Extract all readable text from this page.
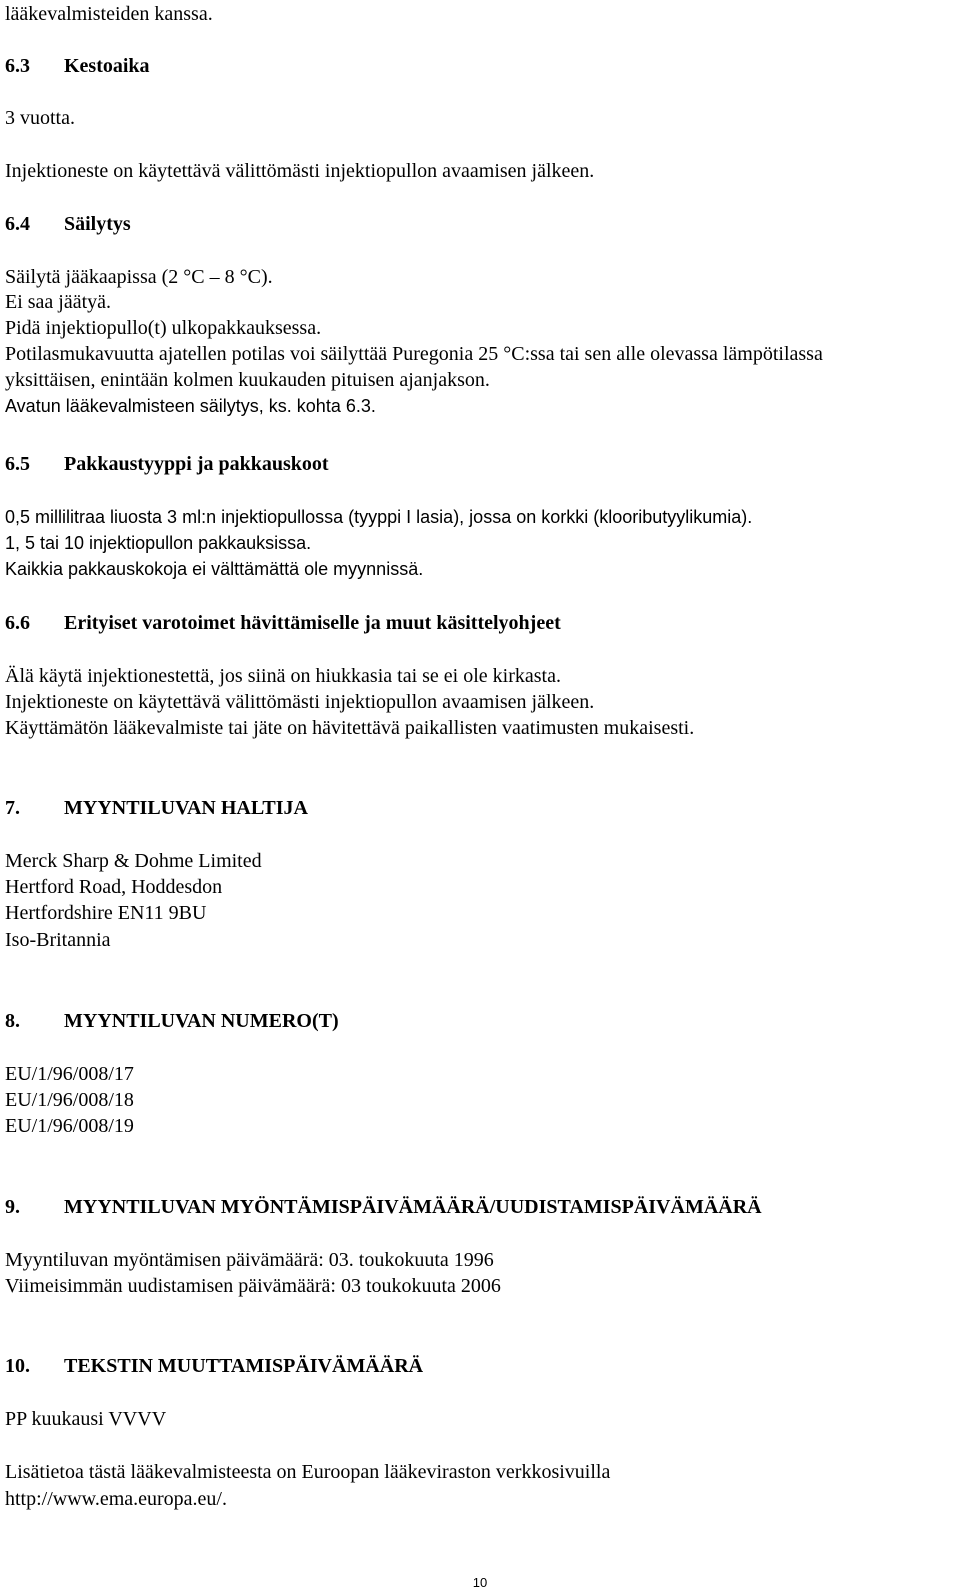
lääkevalmisteiden kanssa.
6.3 Kestoaika
3 vuotta.
Injektioneste on käytettävä välittömästi injektiopullon avaamisen jälkeen.
6.4 Säilytys
Säilytä jääkaapissa (2 °C – 8 °C).
Ei saa jäätyä.
Pidä injektiopullo(t) ulkopakkauksessa.
Potilasmukavuutta ajatellen potilas voi säilyttää Puregonia 25 °C:ssa tai sen alle olevassa lämpötilassa
yksittäisen, enintään kolmen kuukauden pituisen ajanjakson.
Avatun lääkevalmisteen säilytys, ks. kohta 6.3.
6.5 Pakkaustyyppi ja pakkauskoot
0,5 millilitraa liuosta 3 ml:n injektiopullossa (tyyppi I lasia), jossa on korkki (klooributyylikumia).
1, 5 tai 10 injektiopullon pakkauksissa.
Kaikkia pakkauskokoja ei välttämättä ole myynnissä.
6.6 Erityiset varotoimet hävittämiselle ja muut käsittelyohjeet
Älä käytä injektionestettä, jos siinä on hiukkasia tai se ei ole kirkasta.
Injektioneste on käytettävä välittömästi injektiopullon avaamisen jälkeen.
Käyttämätön lääkevalmiste tai jäte on hävitettävä paikallisten vaatimusten mukaisesti.
7. MYYNTILUVAN HALTIJA
Merck Sharp & Dohme Limited
Hertford Road, Hoddesdon
Hertfordshire EN11 9BU
Iso-Britannia
8. MYYNTILUVAN NUMERO(T)
EU/1/96/008/17
EU/1/96/008/18
EU/1/96/008/19
9. MYYNTILUVAN MYÖNTÄMISPÄIVÄMÄÄRÄ/UUDISTAMISPÄIVÄMÄÄRÄ
Myyntiluvan myöntämisen päivämäärä: 03. toukokuuta 1996
Viimeisimmän uudistamisen päivämäärä: 03 toukokuuta 2006
10. TEKSTIN MUUTTAMISPÄIVÄMÄÄRÄ
PP kuukausi VVVV
Lisätietoa tästä lääkevalmisteesta on Euroopan lääkeviraston verkkosivuilla
http://www.ema.europa.eu/.
10
